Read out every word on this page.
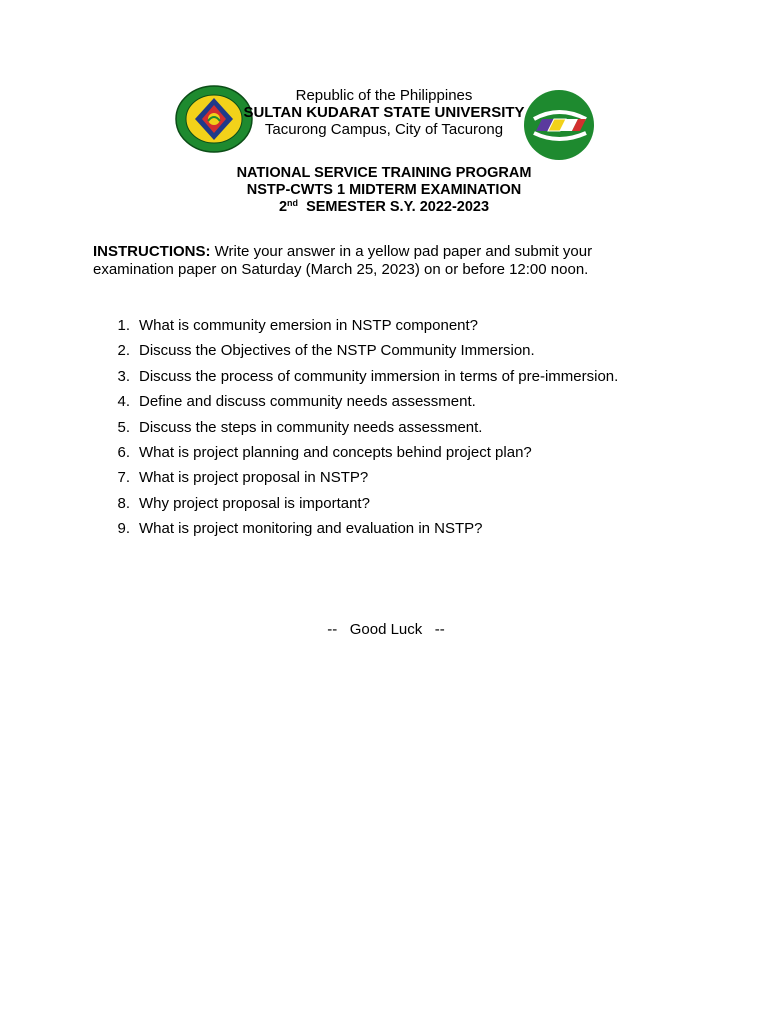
Republic of the Philippines
SULTAN KUDARAT STATE UNIVERSITY
Tacurong Campus, City of Tacurong
NATIONAL SERVICE TRAINING PROGRAM
NSTP-CWTS 1 MIDTERM EXAMINATION
2nd SEMESTER S.Y. 2022-2023
INSTRUCTIONS: Write your answer in a yellow pad paper and submit your examination paper on Saturday (March 25, 2023) on or before 12:00 noon.
1. What is community emersion in NSTP component?
2. Discuss the Objectives of the NSTP Community Immersion.
3. Discuss the process of community immersion in terms of pre-immersion.
4. Define and discuss community needs assessment.
5. Discuss the steps in community needs assessment.
6. What is project planning and concepts behind project plan?
7. What is project proposal in NSTP?
8. Why project proposal is important?
9. What is project monitoring and evaluation in NSTP?
--   Good Luck   --
